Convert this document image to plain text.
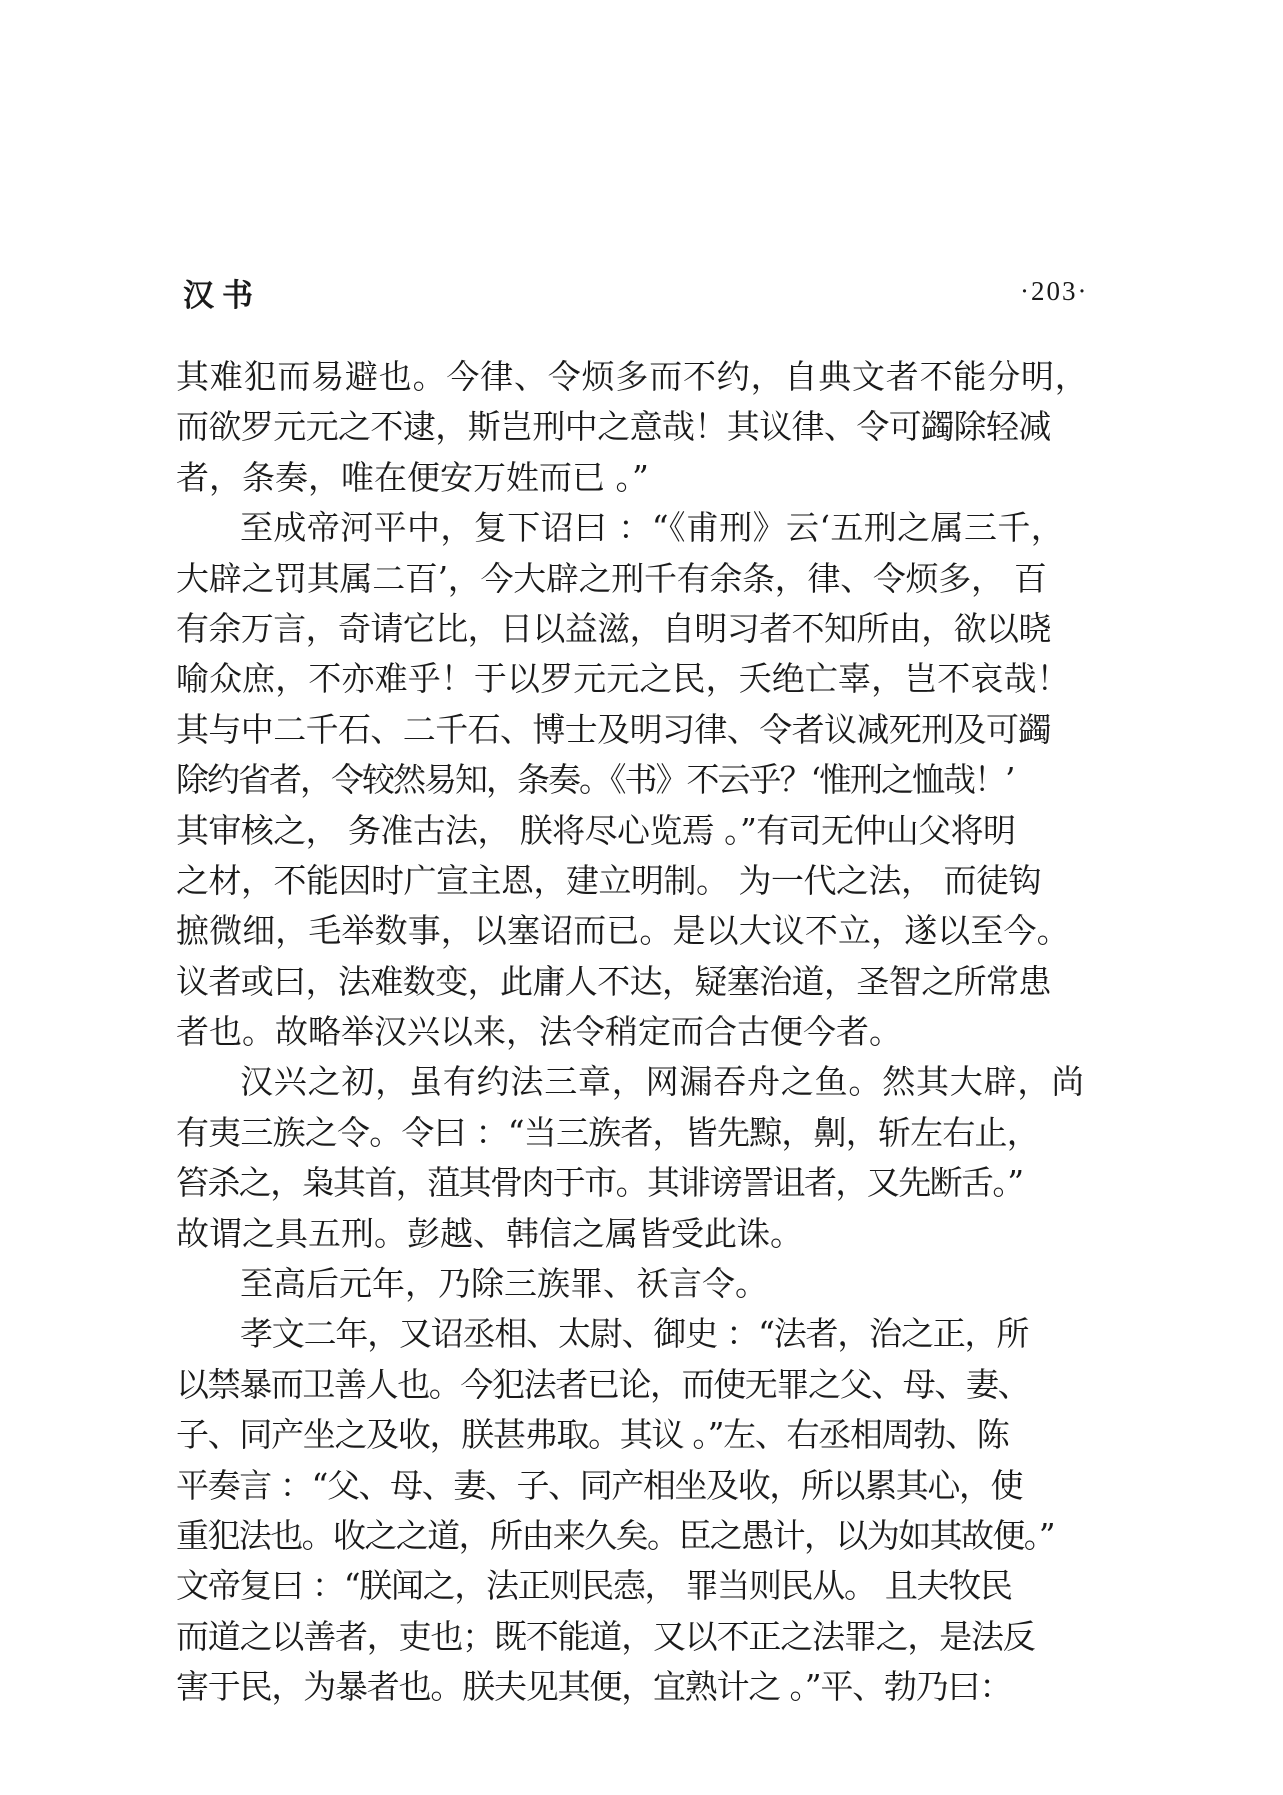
汉书	·203·
其难犯而易避也。今律、令烦多而不约，自典文者不能分明，
而欲罗元元之不逮，斯岂刑中之意哉！其议律、令可蠲除轻减
者，条奏，唯在便安万姓而已 。”
至成帝河平中，复下诏曰 ：“《甫刑》云‘五刑之属三千，
大辟之罚其属二百’，今大辟之刑千有余条，律、令烦多， 百
有余万言，奇请它比，日以益滋，自明习者不知所由，欲以晓
喻众庶，不亦难乎！于以罗元元之民，夭绝亡辜，岂不哀哉！
其与中二千石、二千石、博士及明习律、令者议减死刑及可蠲
除约省者，令较然易知，条奏。《书》不云乎？‘惟刑之恤哉！’
其审核之， 务准古法， 朕将尽心览焉 。”有司无仲山父将明
之材，不能因时广宣主恩，建立明制。 为一代之法， 而徒钩
摭微细，毛举数事，以塞诏而已。是以大议不立，遂以至今。
议者或曰，法难数变，此庸人不达，疑塞治道，圣智之所常患
者也。故略举汉兴以来，法令稍定而合古便今者。
汉兴之初，虽有约法三章，网漏吞舟之鱼。然其大辟，尚
有夷三族之令。令曰 ：“当三族者，皆先黥，劓，斩左右止，
笞杀之，枭其首，菹其骨肉于市。其诽谤詈诅者，又先断舌。”
故谓之具五刑。彭越、韩信之属皆受此诛。
至高后元年，乃除三族罪、祅言令。
孝文二年，又诏丞相、太尉、御史 ：“法者，治之正，所
以禁暴而卫善人也。今犯法者已论，而使无罪之父、母、妻、
子、同产坐之及收，朕甚弗取。其议 。”左、右丞相周勃、陈
平奏言 ：“父、母、妻、子、同产相坐及收，所以累其心，使
重犯法也。收之之道，所由来久矣。臣之愚计，以为如其故便。”
文帝复曰 ：“朕闻之，法正则民悫， 罪当则民从。 且夫牧民
而道之以善者，吏也；既不能道，又以不正之法罪之，是法反
害于民，为暴者也。朕夫见其便，宜熟计之 。”平、勃乃曰：
